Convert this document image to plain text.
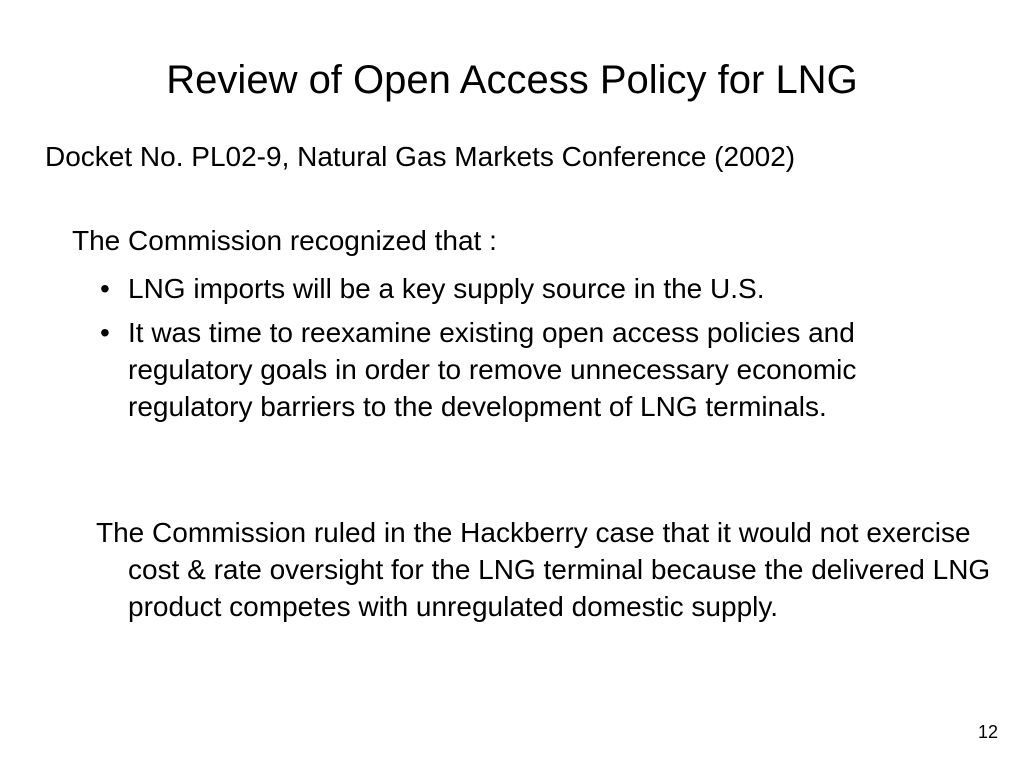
Review of Open Access Policy for LNG
Docket No. PL02-9, Natural Gas Markets Conference (2002)
The Commission recognized that :
• LNG imports will be a key supply source in the U.S.
• It was time to reexamine existing open access policies and regulatory goals in order to remove unnecessary economic regulatory barriers to the development of LNG terminals.
The Commission ruled in the Hackberry case that it would not exercise cost & rate oversight for the LNG terminal because the delivered LNG product competes with unregulated domestic supply.
12
